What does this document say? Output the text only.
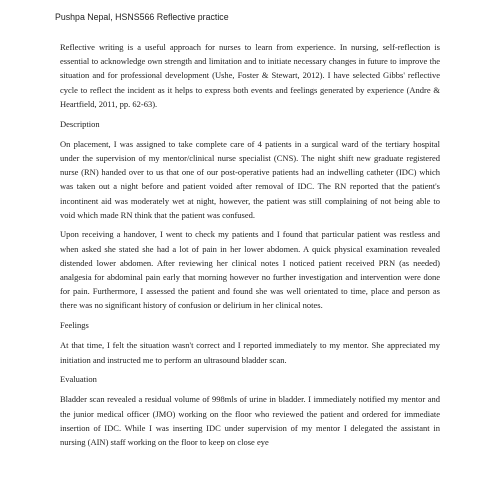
Pushpa Nepal, HSNS566 Reflective practice

Reflective writing is a useful approach for nurses to learn from experience. In nursing, self-reflection is essential to acknowledge own strength and limitation and to initiate necessary changes in future to improve the situation and for professional development (Ushe, Foster & Stewart, 2012). I have selected Gibbs' reflective cycle to reflect the incident as it helps to express both events and feelings generated by experience (Andre & Heartfield, 2011, pp. 62-63).

Description

On placement, I was assigned to take complete care of 4 patients in a surgical ward of the tertiary hospital under the supervision of my mentor/clinical nurse specialist (CNS). The night shift new graduate registered nurse (RN) handed over to us that one of our post-operative patients had an indwelling catheter (IDC) which was taken out a night before and patient voided after removal of IDC. The RN reported that the patient's incontinent aid was moderately wet at night, however, the patient was still complaining of not being able to void which made RN think that the patient was confused.

Upon receiving a handover, I went to check my patients and I found that particular patient was restless and when asked she stated she had a lot of pain in her lower abdomen. A quick physical examination revealed distended lower abdomen. After reviewing her clinical notes I noticed patient received PRN (as needed) analgesia for abdominal pain early that morning however no further investigation and intervention were done for pain. Furthermore, I assessed the patient and found she was well orientated to time, place and person as there was no significant history of confusion or delirium in her clinical notes.

Feelings

At that time, I felt the situation wasn't correct and I reported immediately to my mentor. She appreciated my initiation and instructed me to perform an ultrasound bladder scan.

Evaluation

Bladder scan revealed a residual volume of 998mls of urine in bladder. I immediately notified my mentor and the junior medical officer (JMO) working on the floor who reviewed the patient and ordered for immediate insertion of IDC. While I was inserting IDC under supervision of my mentor I delegated the assistant in nursing (AIN) staff working on the floor to keep on close eye
